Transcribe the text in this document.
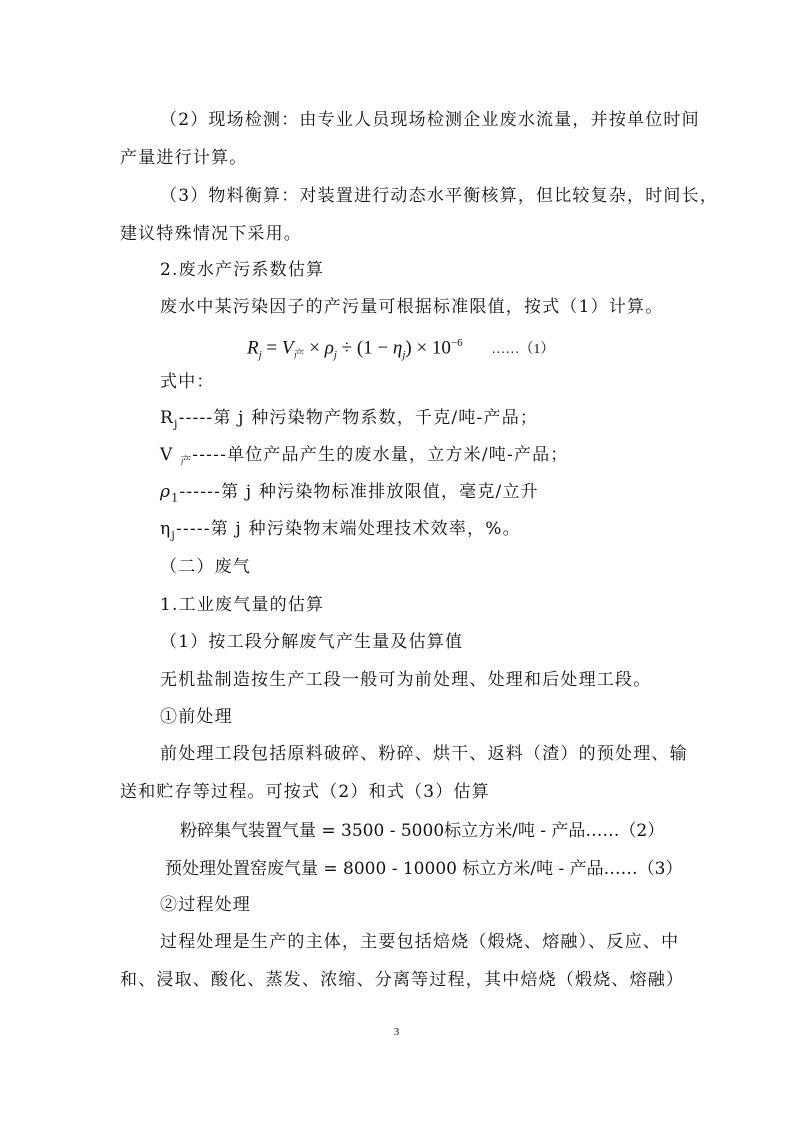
（2）现场检测：由专业人员现场检测企业废水流量，并按单位时间
产量进行计算。
（3）物料衡算：对装置进行动态水平衡核算，但比较复杂，时间长，
建议特殊情况下采用。
2.废水产污系数估算
废水中某污染因子的产污量可根据标准限值，按式（1）计算。
$R_j = V_产 \times \rho_j \div (1 - \eta_j) \times 10^{-6}$ ……（1）
式中：
$R_j-----$第 j 种污染物产物系数，千克/吨-产品；
V $_产$-----单位产品产生的废水量，立方米/吨-产品；
$\rho_1------$第 j 种污染物标准排放限值，毫克/立升
$\eta_j-----$第 j 种污染物末端处理技术效率，%。
（二）废气
1.工业废气量的估算
（1）按工段分解废气产生量及估算值
无机盐制造按生产工段一般可为前处理、处理和后处理工段。
①前处理
前处理工段包括原料破碎、粉碎、烘干、返料（渣）的预处理、输
送和贮存等过程。可按式（2）和式（3）估算
粉碎集气装置气量 = 3500 - 5000标立方米/吨 - 产品……（2）
预处理处置窑废气量 = 8000 - 10000 标立方米/吨 - 产品……（3）
②过程处理
过程处理是生产的主体，主要包括焙烧（煅烧、熔融）、反应、中
和、浸取、酸化、蒸发、浓缩、分离等过程，其中焙烧（煅烧、熔融）
3
